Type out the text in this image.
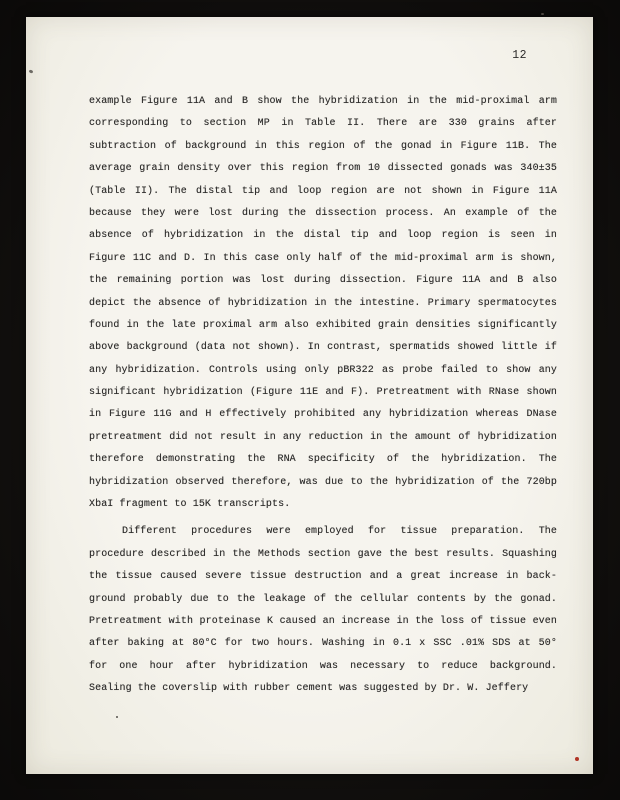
12
example Figure 11A and B show the hybridization in the mid-proximal arm
corresponding to section MP in Table II. There are 330 grains after
subtraction of background in this region of the gonad in Figure 11B. The
average grain density over this region from 10 dissected gonads was 340±35
(Table II). The distal tip and loop region are not shown in Figure 11A
because they were lost during the dissection process. An example of the
absence of hybridization in the distal tip and loop region is seen in
Figure 11C and D. In this case only half of the mid-proximal arm is shown,
the remaining portion was lost during dissection. Figure 11A and B also
depict the absence of hybridization in the intestine. Primary spermatocytes
found in the late proximal arm also exhibited grain densities significantly
above background (data not shown). In contrast, spermatids showed little if
any hybridization. Controls using only pBR322 as probe failed to show any
significant hybridization (Figure 11E and F). Pretreatment with RNase shown
in Figure 11G and H effectively prohibited any hybridization whereas DNase
pretreatment did not result in any reduction in the amount of hybridization
therefore demonstrating the RNA specificity of the hybridization. The
hybridization observed therefore, was due to the hybridization of the 720bp
XbaI fragment to 15K transcripts.
Different procedures were employed for tissue preparation. The
procedure described in the Methods section gave the best results. Squashing
the tissue caused severe tissue destruction and a great increase in back-
ground probably due to the leakage of the cellular contents by the gonad.
Pretreatment with proteinase K caused an increase in the loss of tissue even
after baking at 80°C for two hours. Washing in 0.1 x SSC .01% SDS at 50°
for one hour after hybridization was necessary to reduce background.
Sealing the coverslip with rubber cement was suggested by Dr. W. Jeffery
